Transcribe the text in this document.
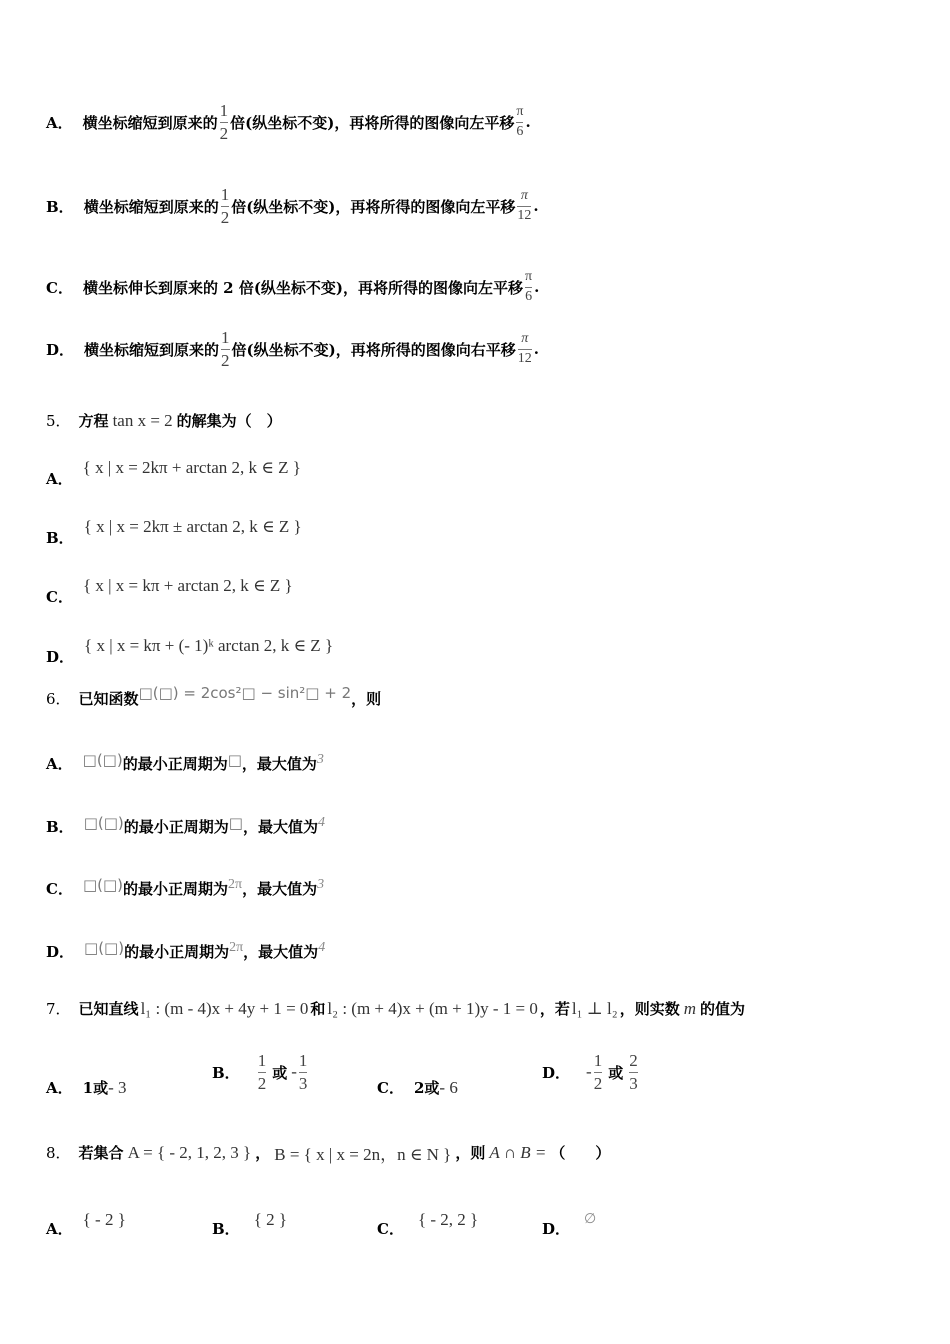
A． 横坐标缩短到原来的 $\frac{1}{2}$ 倍(纵坐标不变)，再将所得的图像向左平移 $\frac{\pi}{6}$ .
B． 横坐标缩短到原来的 $\frac{1}{2}$ 倍(纵坐标不变)，再将所得的图像向左平移 $\frac{\pi}{12}$ .
C． 横坐标伸长到原来的 2 倍(纵坐标不变)，再将所得的图像向左平移 $\frac{\pi}{6}$ .
D． 横坐标缩短到原来的 $\frac{1}{2}$ 倍(纵坐标不变)，再将所得的图像向右平移 $\frac{\pi}{12}$ .
5． 方程 tan x = 2 的解集为（　）
A．
{ x | x = 2kπ + arctan 2, k ∈ Z }
B．
{ x | x = 2kπ ± arctan 2, k ∈ Z }
C．
{ x | x = kπ + arctan 2, k ∈ Z }
D．
{ x | x = kπ + (- 1)ᵏ arctan 2, k ∈ Z }
6． 已知函数 □(□) = 2cos²□ − sin²□ + 2 ，则
A． □(□) 的最小正周期为 □ ，最大值为 3
B． □(□) 的最小正周期为 □ ，最大值为 4
C． □(□) 的最小正周期为 2π ，最大值为 3
D． □(□) 的最小正周期为 2π ，最大值为 4
7． 已知直线 l₁ : (m - 4)x + 4y + 1 = 0 和 l₂ : (m + 4)x + (m + 1)y - 1 = 0 ，若 l₁ ⊥ l₂ ，则实数 m 的值为
A． 1 或 - 3
B． $\frac{1}{2}$ 或 - $\frac{1}{3}$	C． 2 或 - 6
D． - $\frac{1}{2}$ 或 $\frac{2}{3}$
8． 若集合 A = { - 2, 1, 2, 3 } ， B = { x | x = 2n，n ∈ N } ，则 A ∩ B = （　　）
A．
{ - 2 }
B．
{ 2 }
C．
{ - 2, 2 }
D．
∅
